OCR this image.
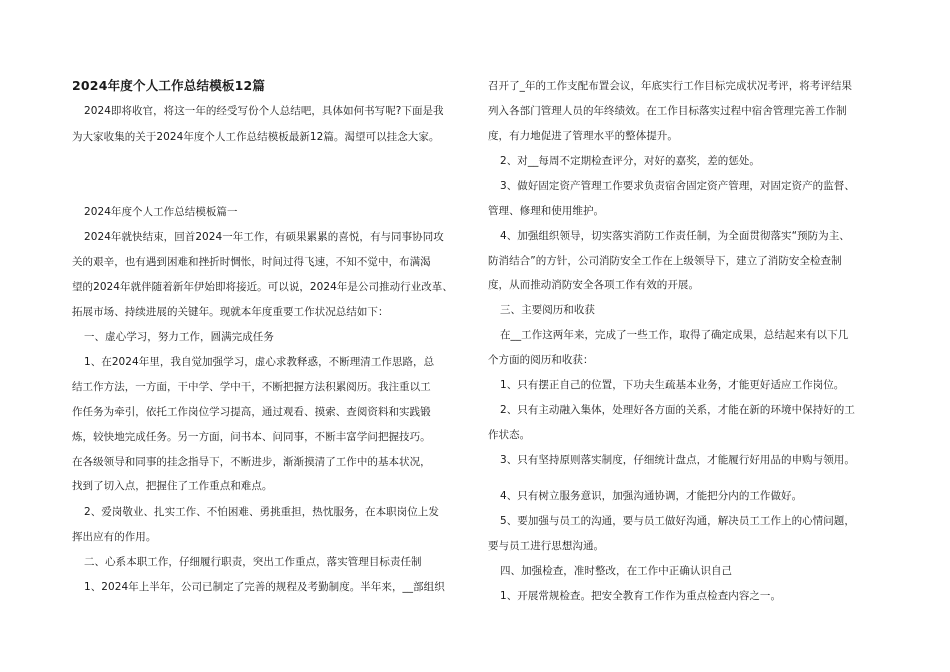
2024年度个人工作总结模板12篇
2024即将收官，将这一年的经受写份个人总结吧，具体如何书写呢?下面是我
为大家收集的关于2024年度个人工作总结模板最新12篇。渴望可以挂念大家。
2024年度个人工作总结模板篇一
2024年就快结束，回首2024一年工作，有硕果累累的喜悦，有与同事协同攻
关的艰辛，也有遇到困难和挫折时惆怅，时间过得飞速，不知不觉中，布满渴
望的2024年就伴随着新年伊始即将接近。可以说，2024年是公司推动行业改革、
拓展市场、持续进展的关键年。现就本年度重要工作状况总结如下：
一、虚心学习，努力工作，圆满完成任务
1、在2024年里，我自觉加强学习，虚心求教释惑，不断理清工作思路，总
结工作方法，一方面，干中学、学中干，不断把握方法积累阅历。我注重以工
作任务为牵引，依托工作岗位学习提高，通过观看、摸索、查阅资料和实践锻
炼，较快地完成任务。另一方面，问书本、问同事，不断丰富学问把握技巧。
在各级领导和同事的挂念指导下，不断进步，渐渐摸清了工作中的基本状况，
找到了切入点，把握住了工作重点和难点。
2、爱岗敬业、扎实工作、不怕困难、勇挑重担，热忱服务，在本职岗位上发
挥出应有的作用。
二、心系本职工作，仔细履行职责，突出工作重点，落实管理目标责任制
1、2024年上半年，公司已制定了完善的规程及考勤制度。半年来，__部组织
召开了_年的工作支配布置会议，年底实行工作目标完成状况考评，将考评结果
列入各部门管理人员的年终绩效。在工作目标落实过程中宿舍管理完善工作制
度，有力地促进了管理水平的整体提升。
2、对__每周不定期检查评分，对好的嘉奖，差的惩处。
3、做好固定资产管理工作要求负责宿舍固定资产管理，对固定资产的监督、
管理、修理和使用维护。
4、加强组织领导，切实落实消防工作责任制，为全面贯彻落实“预防为主、
防消结合”的方针，公司消防安全工作在上级领导下，建立了消防安全检查制
度，从而推动消防安全各项工作有效的开展。
三、主要阅历和收获
在__工作这两年来，完成了一些工作，取得了确定成果，总结起来有以下几
个方面的阅历和收获：
1、只有摆正自己的位置，下功夫生疏基本业务，才能更好适应工作岗位。
2、只有主动融入集体，处理好各方面的关系，才能在新的环境中保持好的工
作状态。
3、只有坚持原则落实制度，仔细统计盘点，才能履行好用品的申购与领用。
4、只有树立服务意识，加强沟通协调，才能把分内的工作做好。
5、要加强与员工的沟通，要与员工做好沟通，解决员工工作上的心情问题，
要与员工进行思想沟通。
四、加强检查，准时整改，在工作中正确认识自己
1、开展常规检查。把安全教育工作作为重点检查内容之一。
